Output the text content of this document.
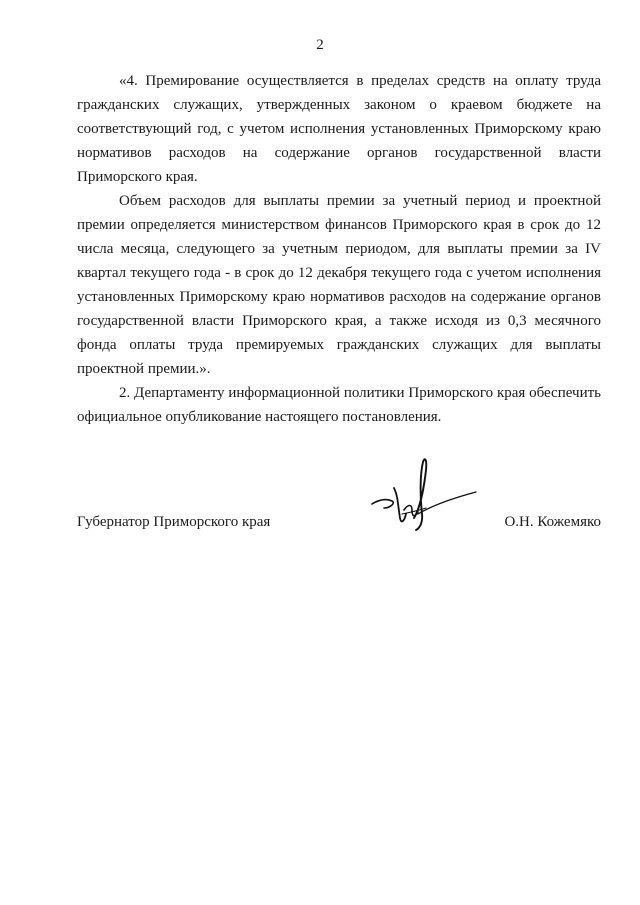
2

«4. Премирование осуществляется в пределах средств на оплату труда гражданских служащих, утвержденных законом о краевом бюджете на соответствующий год, с учетом исполнения установленных Приморскому краю нормативов расходов на содержание органов государственной власти Приморского края.

Объем расходов для выплаты премии за учетный период и проектной премии определяется министерством финансов Приморского края в срок до 12 числа месяца, следующего за учетным периодом, для выплаты премии за IV квартал текущего года - в срок до 12 декабря текущего года с учетом исполнения установленных Приморскому краю нормативов расходов на содержание органов государственной власти Приморского края, а также исходя из 0,3 месячного фонда оплаты труда премируемых гражданских служащих для выплаты проектной премии.».

2. Департаменту информационной политики Приморского края обеспечить официальное опубликование настоящего постановления.

Губернатор Приморского края	О.Н. Кожемяко
